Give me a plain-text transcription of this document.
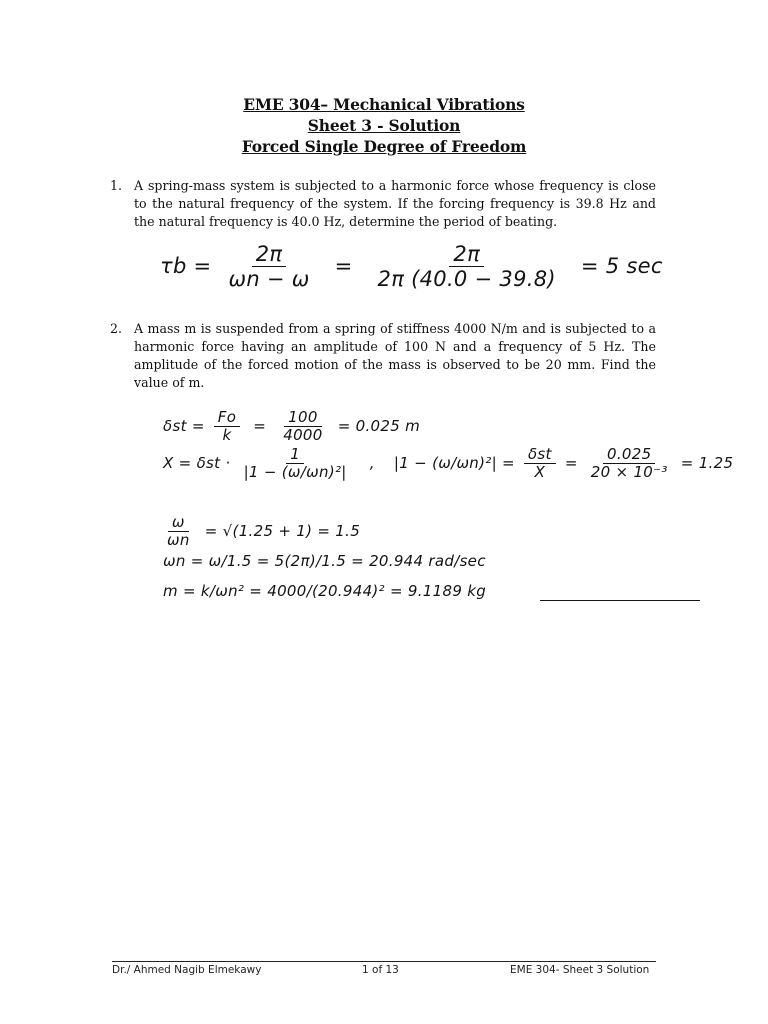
EME 304– Mechanical Vibrations
Sheet 3 - Solution
Forced Single Degree of Freedom
1. A spring-mass system is subjected to a harmonic force whose frequency is close to the natural frequency of the system. If the forcing frequency is 39.8 Hz and the natural frequency is 40.0 Hz, determine the period of beating.
$\tau b = \frac{2\pi}{\omega n - \omega} = \frac{2\pi}{2\pi (40.0 - 39.8)} = 5$ sec
2. A mass m is suspended from a spring of stiffness 4000 N/m and is subjected to a harmonic force having an amplitude of 100 N and a frequency of 5 Hz. The amplitude of the forced motion of the mass is observed to be 20 mm. Find the value of m.
$\delta st = \frac{Fo}{k} = \frac{100}{4000} = 0.025$ m
$X = \delta st \cdot \frac{1}{\text{|1 − (ω/ωn)²|}}$ , $|1 - (\omega/\omega n)^2| = \frac{\text{δst}}{X} = \frac{0.025}{\text{20 × 10⁻³}} = 1.25$
$\frac{\omega}{\omega n} = √(1.25 + 1) = 1.5$
ωn = ω/1.5 = 5(2π)/1.5 = 20.944 rad/sec
m = k/ωn² = 4000/(20.944)² = 9.1189 kg
Dr./ Ahmed Nagib Elmekawy	1 of 13	EME 304- Sheet 3 Solution
